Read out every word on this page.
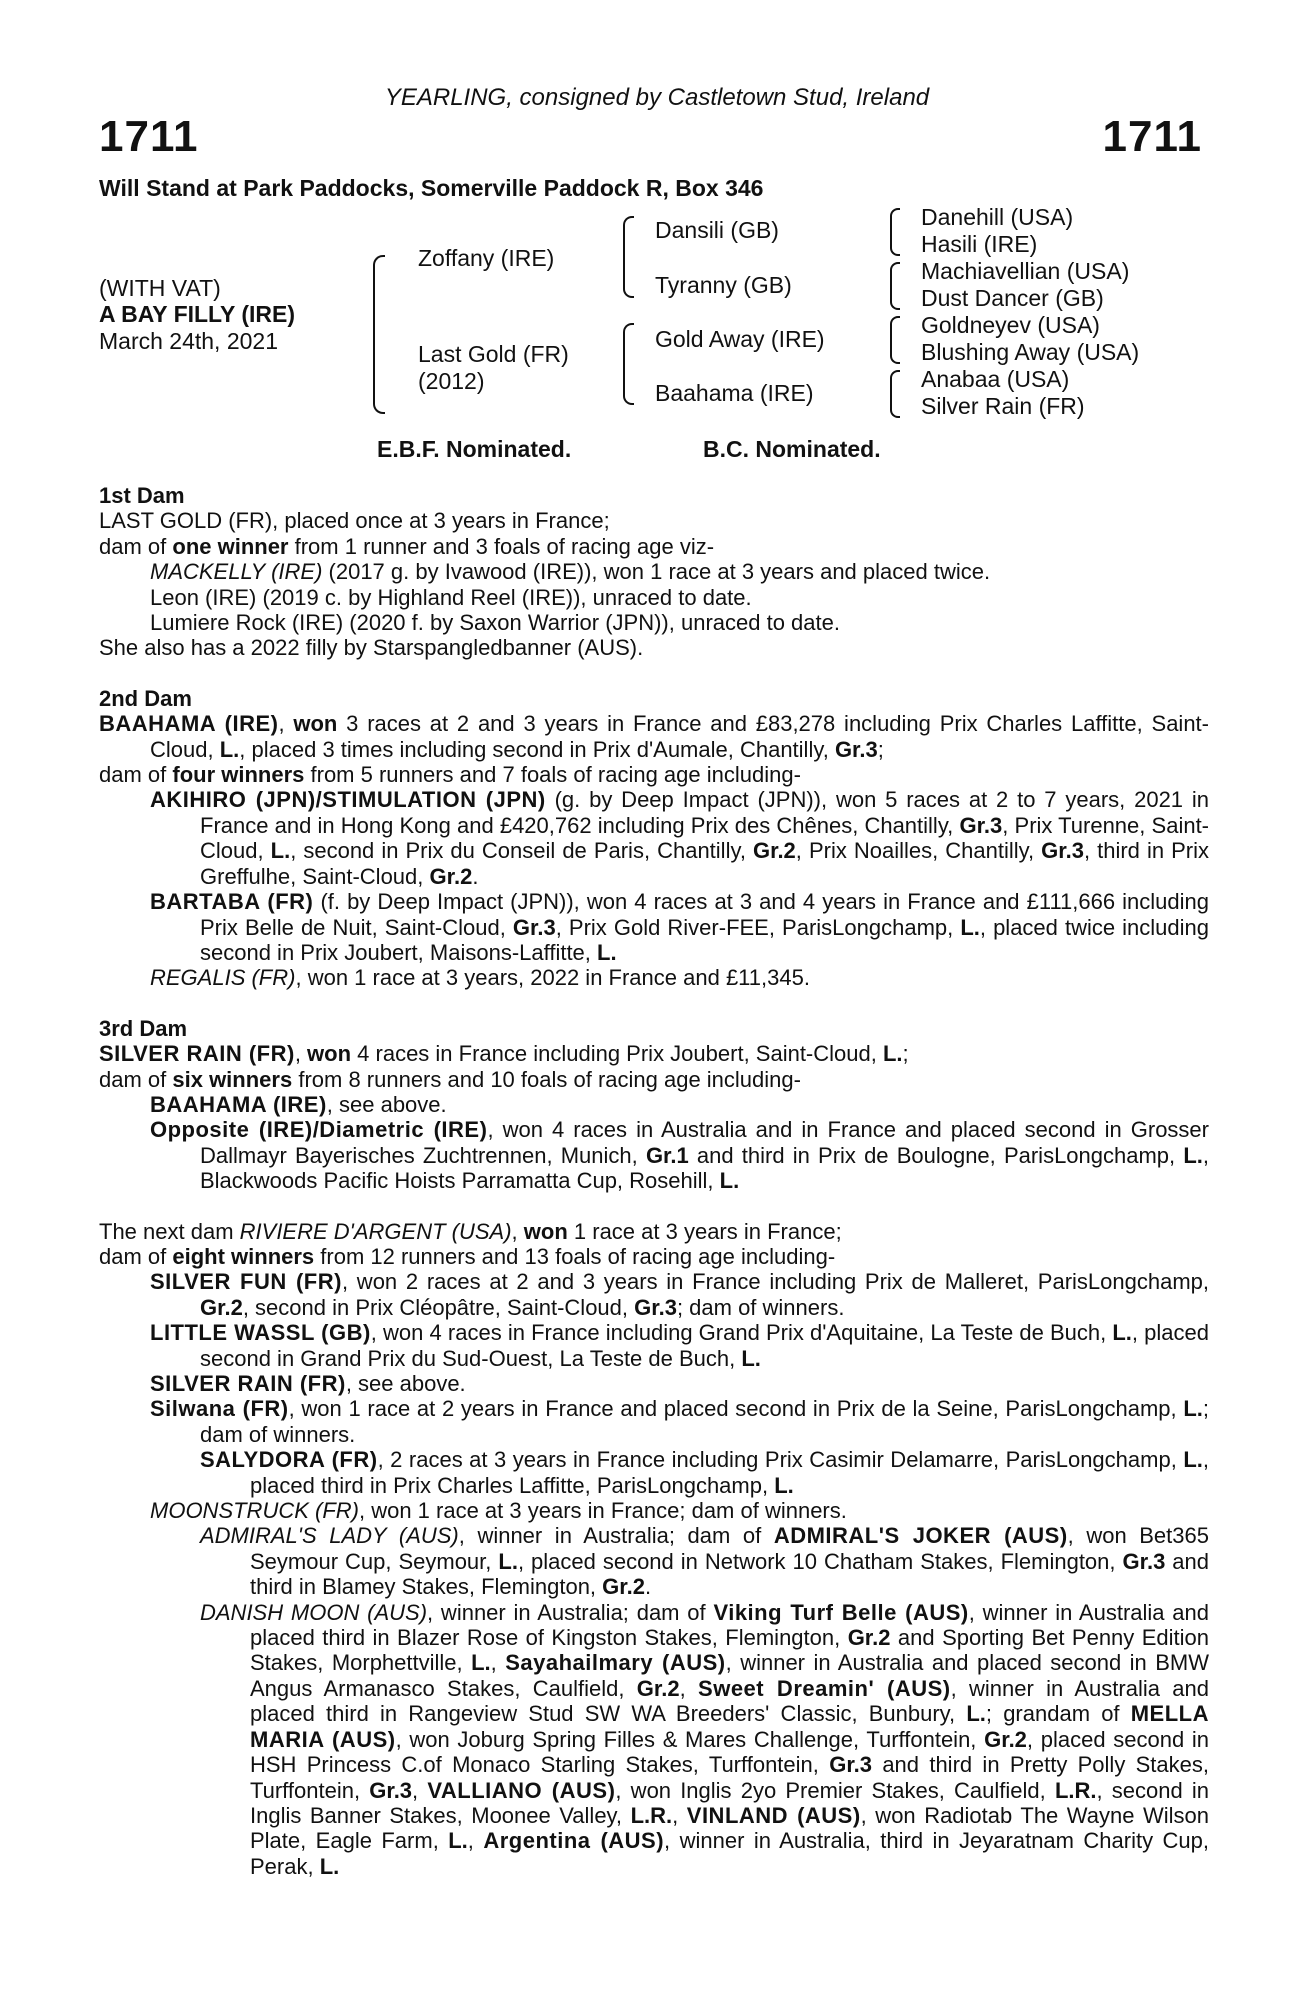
YEARLING, consigned by Castletown Stud, Ireland
1711	1711
Will Stand at Park Paddocks, Somerville Paddock R, Box 346
(WITH VAT)
A BAY FILLY (IRE)
March 24th, 2021
Zoffany (IRE)
Last Gold (FR)
(2012)
Dansili (GB)
Tyranny (GB)
Gold Away (IRE)
Baahama (IRE)
Danehill (USA)
Hasili (IRE)
Machiavellian (USA)
Dust Dancer (GB)
Goldneyev (USA)
Blushing Away (USA)
Anabaa (USA)
Silver Rain (FR)
E.B.F. Nominated.	B.C. Nominated.

1st Dam

LAST GOLD (FR), placed once at 3 years in France;

dam of one winner from 1 runner and 3 foals of racing age viz-

MACKELLY (IRE) (2017 g. by Ivawood (IRE)), won 1 race at 3 years and placed twice.

Leon (IRE) (2019 c. by Highland Reel (IRE)), unraced to date.

Lumiere Rock (IRE) (2020 f. by Saxon Warrior (JPN)), unraced to date.

She also has a 2022 filly by Starspangledbanner (AUS).

2nd Dam

BAAHAMA (IRE), won 3 races at 2 and 3 years in France and £83,278 including Prix Charles Laffitte, Saint-Cloud, L., placed 3 times including second in Prix d'Aumale, Chantilly, Gr.3;

dam of four winners from 5 runners and 7 foals of racing age including-

AKIHIRO (JPN)/STIMULATION (JPN) (g. by Deep Impact (JPN)), won 5 races at 2 to 7 years, 2021 in France and in Hong Kong and £420,762 including Prix des Chênes, Chantilly, Gr.3, Prix Turenne, Saint-Cloud, L., second in Prix du Conseil de Paris, Chantilly, Gr.2, Prix Noailles, Chantilly, Gr.3, third in Prix Greffulhe, Saint-Cloud, Gr.2.

BARTABA (FR) (f. by Deep Impact (JPN)), won 4 races at 3 and 4 years in France and £111,666 including Prix Belle de Nuit, Saint-Cloud, Gr.3, Prix Gold River-FEE, ParisLongchamp, L., placed twice including second in Prix Joubert, Maisons-Laffitte, L.

REGALIS (FR), won 1 race at 3 years, 2022 in France and £11,345.

3rd Dam

SILVER RAIN (FR), won 4 races in France including Prix Joubert, Saint-Cloud, L.;

dam of six winners from 8 runners and 10 foals of racing age including-

BAAHAMA (IRE), see above.

Opposite (IRE)/Diametric (IRE), won 4 races in Australia and in France and placed second in Grosser Dallmayr Bayerisches Zuchtrennen, Munich, Gr.1 and third in Prix de Boulogne, ParisLongchamp, L., Blackwoods Pacific Hoists Parramatta Cup, Rosehill, L.

The next dam RIVIERE D'ARGENT (USA), won 1 race at 3 years in France;

dam of eight winners from 12 runners and 13 foals of racing age including-

SILVER FUN (FR), won 2 races at 2 and 3 years in France including Prix de Malleret, ParisLongchamp, Gr.2, second in Prix Cléopâtre, Saint-Cloud, Gr.3; dam of winners.

LITTLE WASSL (GB), won 4 races in France including Grand Prix d'Aquitaine, La Teste de Buch, L., placed second in Grand Prix du Sud-Ouest, La Teste de Buch, L.

SILVER RAIN (FR), see above.

Silwana (FR), won 1 race at 2 years in France and placed second in Prix de la Seine, ParisLongchamp, L.; dam of winners.

SALYDORA (FR), 2 races at 3 years in France including Prix Casimir Delamarre, ParisLongchamp, L., placed third in Prix Charles Laffitte, ParisLongchamp, L.

MOONSTRUCK (FR), won 1 race at 3 years in France; dam of winners.

ADMIRAL'S LADY (AUS), winner in Australia; dam of ADMIRAL'S JOKER (AUS), won Bet365 Seymour Cup, Seymour, L., placed second in Network 10 Chatham Stakes, Flemington, Gr.3 and third in Blamey Stakes, Flemington, Gr.2.

DANISH MOON (AUS), winner in Australia; dam of Viking Turf Belle (AUS), winner in Australia and placed third in Blazer Rose of Kingston Stakes, Flemington, Gr.2 and Sporting Bet Penny Edition Stakes, Morphettville, L., Sayahailmary (AUS), winner in Australia and placed second in BMW Angus Armanasco Stakes, Caulfield, Gr.2, Sweet Dreamin' (AUS), winner in Australia and placed third in Rangeview Stud SW WA Breeders' Classic, Bunbury, L.; grandam of MELLA MARIA (AUS), won Joburg Spring Filles & Mares Challenge, Turffontein, Gr.2, placed second in HSH Princess C.of Monaco Starling Stakes, Turffontein, Gr.3 and third in Pretty Polly Stakes, Turffontein, Gr.3, VALLIANO (AUS), won Inglis 2yo Premier Stakes, Caulfield, L.R., second in Inglis Banner Stakes, Moonee Valley, L.R., VINLAND (AUS), won Radiotab The Wayne Wilson Plate, Eagle Farm, L., Argentina (AUS), winner in Australia, third in Jeyaratnam Charity Cup, Perak, L.
